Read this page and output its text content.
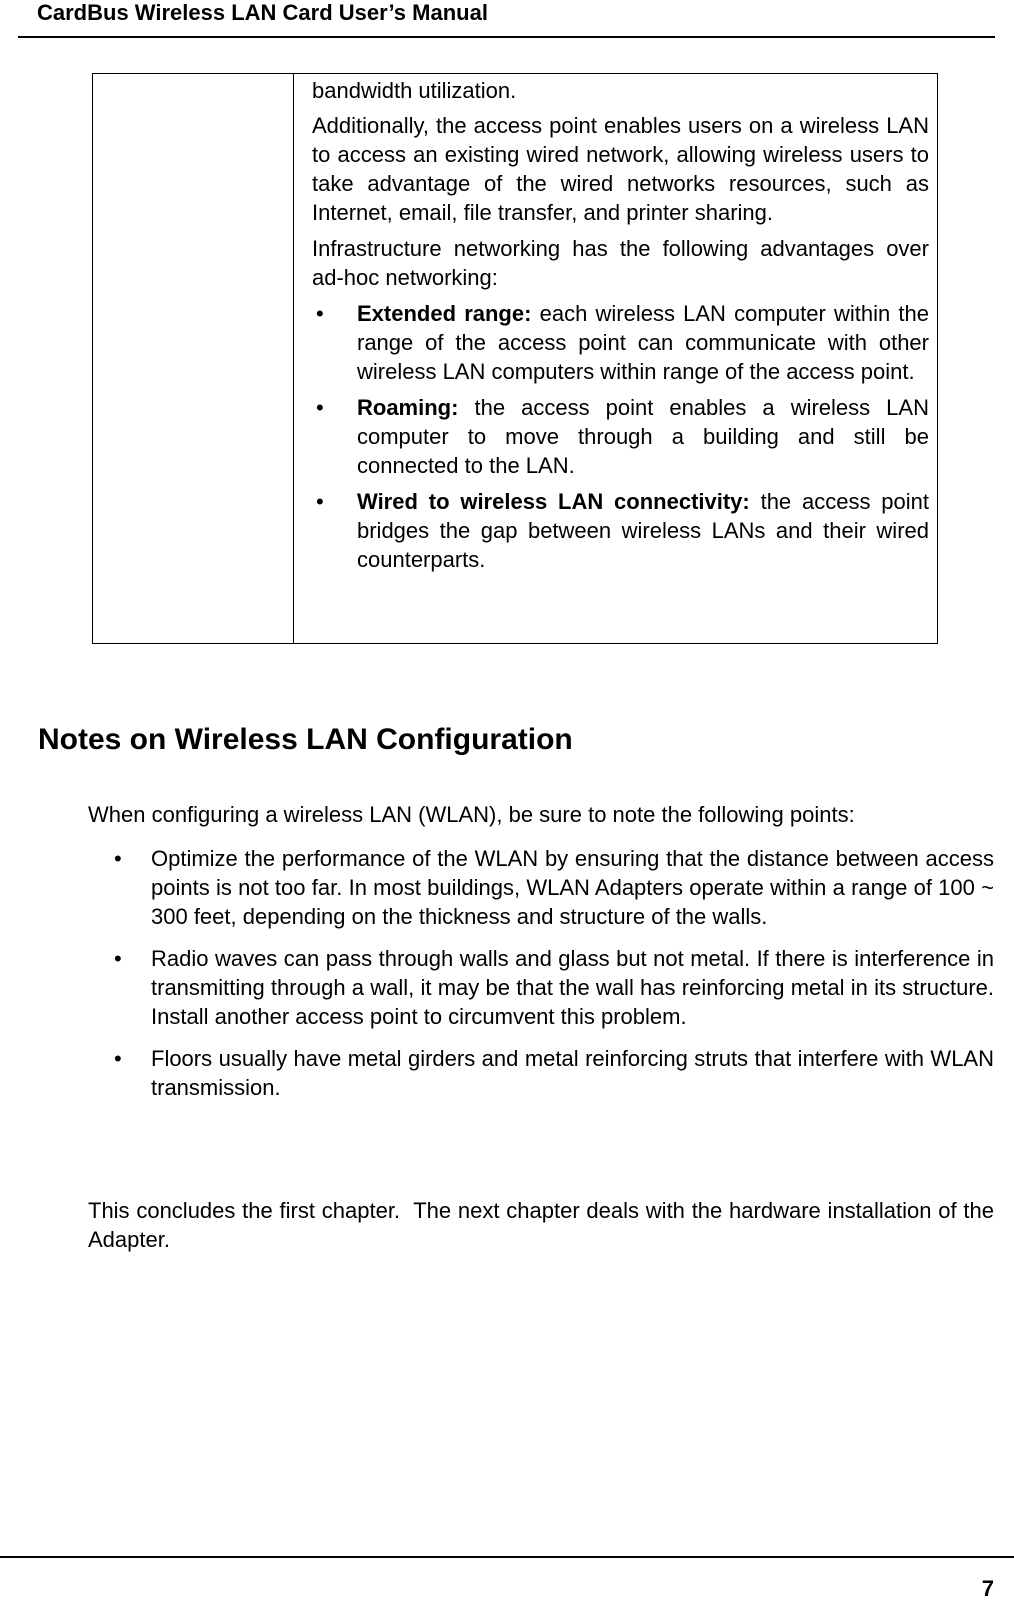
CardBus Wireless LAN Card User’s Manual

bandwidth utilization.

Additionally, the access point enables users on a wireless LAN to access an existing wired network, allowing wireless users to take advantage of the wired networks resources, such as Internet, email, file transfer, and printer sharing.

Infrastructure networking has the following advantages over ad-hoc networking:

• Extended range: each wireless LAN computer within the range of the access point can communicate with other wireless LAN computers within range of the access point.
• Roaming: the access point enables a wireless LAN computer to move through a building and still be connected to the LAN.
• Wired to wireless LAN connectivity: the access point bridges the gap between wireless LANs and their wired counterparts.
Notes on Wireless LAN Configuration
When configuring a wireless LAN (WLAN), be sure to note the following points:
• Optimize the performance of the WLAN by ensuring that the distance between access points is not too far. In most buildings, WLAN Adapters operate within a range of 100 ~ 300 feet, depending on the thickness and structure of the walls.
• Radio waves can pass through walls and glass but not metal. If there is interference in transmitting through a wall, it may be that the wall has reinforcing metal in its structure. Install another access point to circumvent this problem.
• Floors usually have metal girders and metal reinforcing struts that interfere with WLAN transmission.

This concludes the first chapter.  The next chapter deals with the hardware installation of the Adapter.

7
